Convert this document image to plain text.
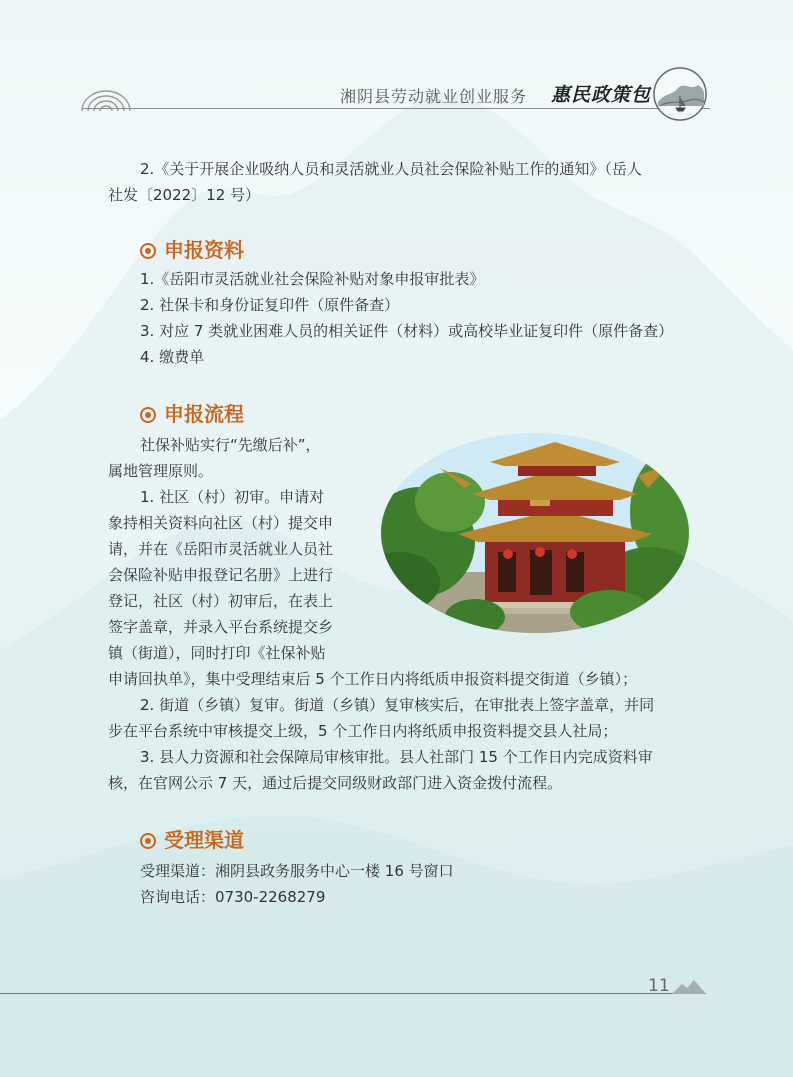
湘阴县劳动就业创业服务 惠民政策包
2.《关于开展企业吸纳人员和灵活就业人员社会保险补贴工作的通知》（岳人
社发〔2022〕12 号）
申报资料
1.《岳阳市灵活就业社会保险补贴对象申报审批表》
2. 社保卡和身份证复印件（原件备查）
3. 对应 7 类就业困难人员的相关证件（材料）或高校毕业证复印件（原件备查）
4. 缴费单
申报流程
社保补贴实行“先缴后补”，
属地管理原则。
1. 社区（村）初审。申请对
象持相关资料向社区（村）提交申
请，并在《岳阳市灵活就业人员社
会保险补贴申报登记名册》上进行
登记，社区（村）初审后，在表上
签字盖章，并录入平台系统提交乡
镇（街道），同时打印《社保补贴
申请回执单》，集中受理结束后 5 个工作日内将纸质申报资料提交街道（乡镇）；
2. 街道（乡镇）复审。街道（乡镇）复审核实后，在审批表上签字盖章，并同
步在平台系统中审核提交上级，5 个工作日内将纸质申报资料提交县人社局；
3. 县人力资源和社会保障局审核审批。县人社部门 15 个工作日内完成资料审
核，在官网公示 7 天，通过后提交同级财政部门进入资金拨付流程。
受理渠道
受理渠道：湘阴县政务服务中心一楼 16 号窗口
咨询电话：0730-2268279
11
